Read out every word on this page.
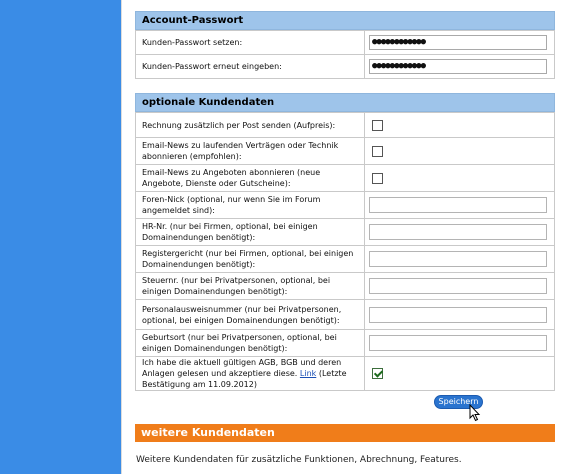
Account-Passwort
Kunden-Passwort setzen:	●●●●●●●●●●●●

Kunden-Passwort erneut eingeben:	●●●●●●●●●●●●
optionale Kundendaten
Rechnung zusätzlich per Post senden (Aufpreis):	

Email-News zu laufenden Verträgen oder Technik abonnieren (empfohlen):	

Email-News zu Angeboten abonnieren (neue Angebote, Dienste oder Gutscheine):	

Foren-Nick (optional, nur wenn Sie im Forum angemeldet sind):	

HR-Nr. (nur bei Firmen, optional, bei einigen Domainendungen benötigt):	

Registergericht (nur bei Firmen, optional, bei einigen Domainendungen benötigt):	

Steuernr. (nur bei Privatpersonen, optional, bei einigen Domainendungen benötigt):	

Personalausweisnummer (nur bei Privatpersonen, optional, bei einigen Domainendungen benötigt):	

Geburtsort (nur bei Privatpersonen, optional, bei einigen Domainendungen benötigt):	

Ich habe die aktuell gültigen AGB, BGB und deren Anlagen gelesen und akzeptiere diese. Link (Letzte Bestätigung am 11.09.2012)	
Speichern
weitere Kundendaten
Weitere Kundendaten für zusätzliche Funktionen, Abrechnung, Features.
